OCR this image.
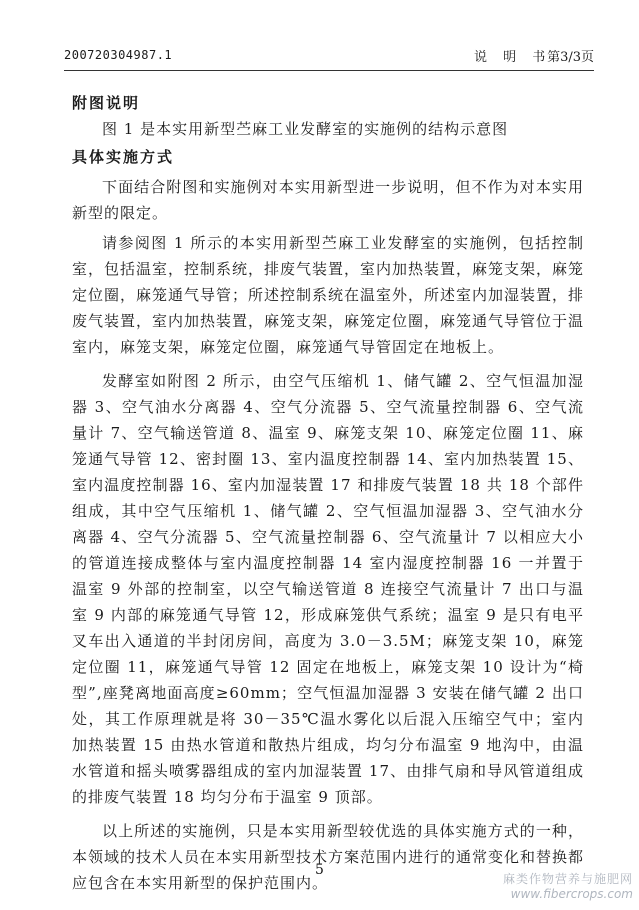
200720304987.1	说 明 书
第3/3页
附图说明
图 1 是本实用新型苎麻工业发酵室的实施例的结构示意图
具体实施方式
下面结合附图和实施例对本实用新型进一步说明，但不作为对本实用新型的限定。
请参阅图 1 所示的本实用新型苎麻工业发酵室的实施例，包括控制室，包括温室，控制系统，排废气装置，室内加热装置，麻笼支架，麻笼定位圈，麻笼通气导管；所述控制系统在温室外，所述室内加湿装置，排废气装置，室内加热装置，麻笼支架，麻笼定位圈，麻笼通气导管位于温室内，麻笼支架，麻笼定位圈，麻笼通气导管固定在地板上。
发酵室如附图 2 所示，由空气压缩机 1、储气罐 2、空气恒温加湿器 3、空气油水分离器 4、空气分流器 5、空气流量控制器 6、空气流量计 7、空气输送管道 8、温室 9、麻笼支架 10、麻笼定位圈 11、麻笼通气导管 12、密封圈 13、室内温度控制器 14、室内加热装置 15、室内温度控制器 16、室内加湿装置 17 和排废气装置 18 共 18 个部件组成，其中空气压缩机 1、储气罐 2、空气恒温加湿器 3、空气油水分离器 4、空气分流器 5、空气流量控制器 6、空气流量计 7 以相应大小的管道连接成整体与室内温度控制器 14 室内湿度控制器 16 一并置于温室 9 外部的控制室，以空气输送管道 8 连接空气流量计 7 出口与温室 9 内部的麻笼通气导管 12，形成麻笼供气系统；温室 9 是只有电平叉车出入通道的半封闭房间，高度为 3.0－3.5M；麻笼支架 10，麻笼定位圈 11，麻笼通气导管 12 固定在地板上，麻笼支架 10 设计为“椅型”,座凳离地面高度≥60mm；空气恒温加湿器 3 安装在储气罐 2 出口处，其工作原理就是将 30－35℃温水雾化以后混入压缩空气中；室内加热装置 15 由热水管道和散热片组成，均匀分布温室 9 地沟中，由温水管道和摇头喷雾器组成的室内加湿装置 17、由排气扇和导风管道组成的排废气装置 18 均匀分布于温室 9 顶部。
以上所述的实施例，只是本实用新型较优选的具体实施方式的一种，本领域的技术人员在本实用新型技术方案范围内进行的通常变化和替换都应包含在本实用新型的保护范围内。
5
麻类作物营养与施肥网
www.fibercrops.com
